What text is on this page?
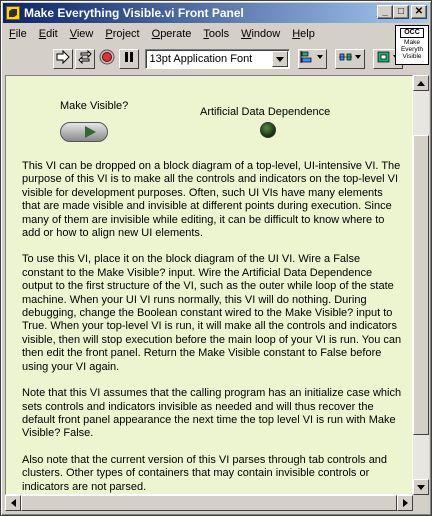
Make Everything Visible.vi Front Panel	_ □ ✕
File	Edit	View	Project	Operate	Tools	Window	Help
13pt Application Font
OCC
Make
Everyth
Visible
Make Visible?	Artificial Data Dependence

This VI can be dropped on a block diagram of a top-level, UI-intensive VI. The purpose of this VI is to make all the controls and indicators on the top-level VI visible for development purposes. Often, such UI VIs have many elements that are made visible and invisible at different points during execution. Since many of them are invisible while editing, it can be difficult to know where to add or how to align new UI elements.

To use this VI, place it on the block diagram of the UI VI. Wire a False constant to the Make Visible? input. Wire the Artificial Data Dependence output to the first structure of the VI, such as the outer while loop of the state machine. When your UI VI runs normally, this VI will do nothing. During debugging, change the Boolean constant wired to the Make Visible? input to True. When your top-level VI is run, it will make all the controls and indicators visible, then will stop execution before the main loop of your VI is run. You can then edit the front panel. Return the Make Visible constant to False before using your VI again.

Note that this VI assumes that the calling program has an initialize case which sets controls and indicators invisible as needed and will thus recover the default front panel appearance the next time the top level VI is run with Make Visible? False.

Also note that the current version of this VI parses through tab controls and clusters. Other types of containers that may contain invisible controls or indicators are not parsed.
